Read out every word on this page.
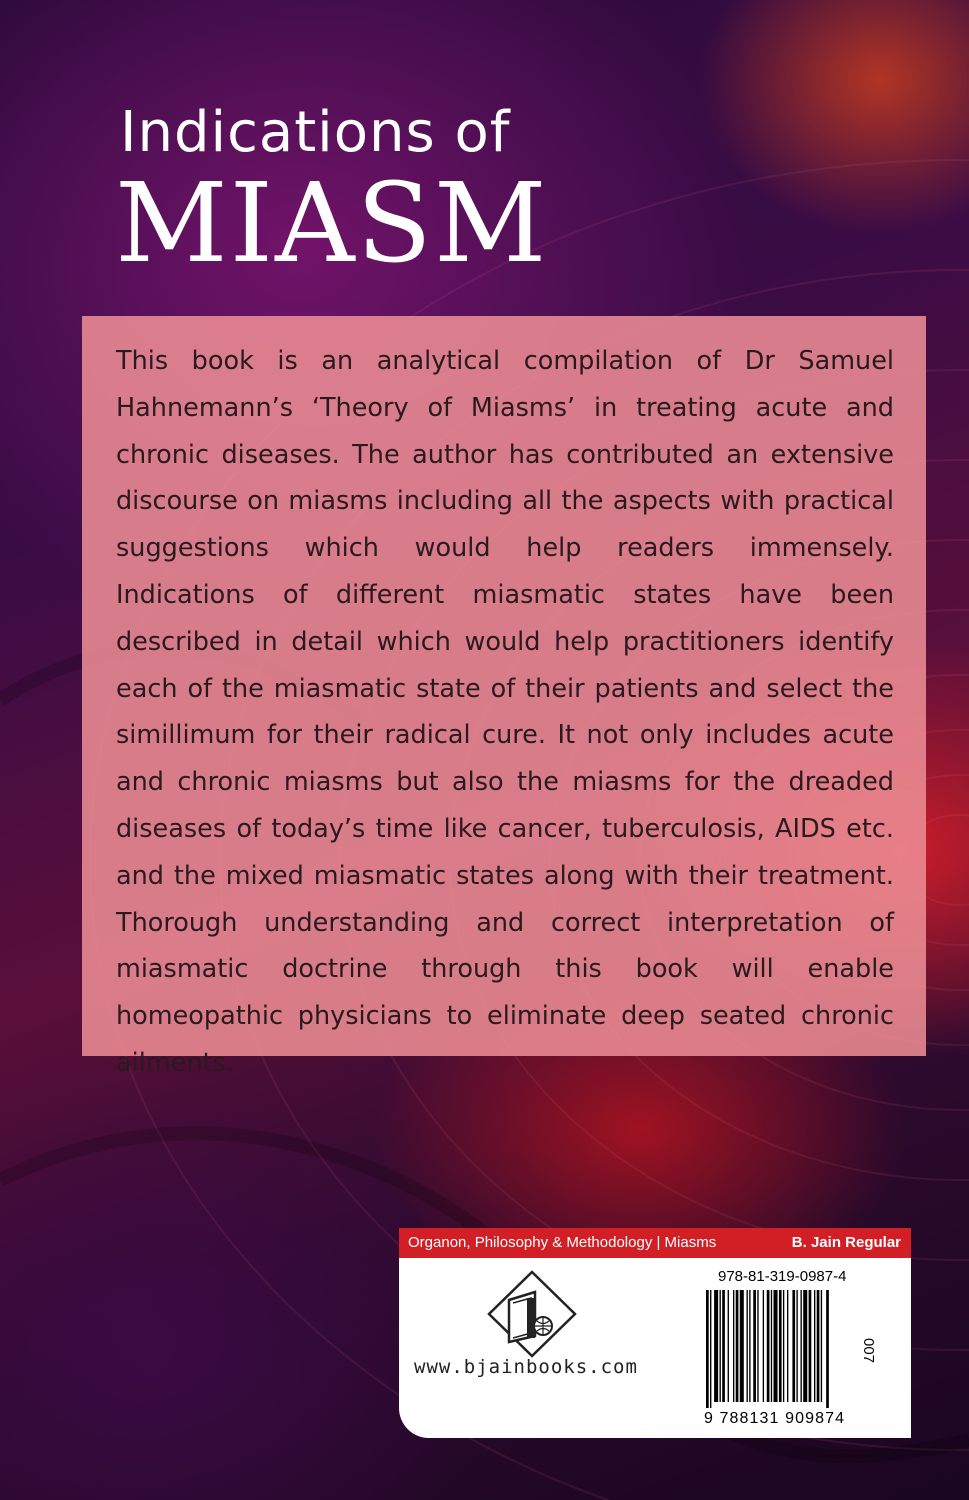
Indications of
MIASM

This book is an analytical compilation of Dr Samuel Hahnemann’s ‘Theory of Miasms’ in treating acute and chronic diseases. The author has contributed an extensive discourse on miasms including all the aspects with practical suggestions which would help readers immensely. Indications of different miasmatic states have been described in detail which would help practitioners identify each of the miasmatic state of their patients and select the simillimum for their radical cure. It not only includes acute and chronic miasms but also the miasms for the dreaded diseases of today’s time like cancer, tuberculosis, AIDS etc. and the mixed miasmatic states along with their treatment. Thorough understanding and correct interpretation of miasmatic doctrine through this book will enable homeopathic physicians to eliminate deep seated chronic ailments.

Organon, Philosophy & Methodology | Miasms	B. Jain Regular
www.bjainbooks.com
978-81-319-0987-4
9 788131 909874
007
